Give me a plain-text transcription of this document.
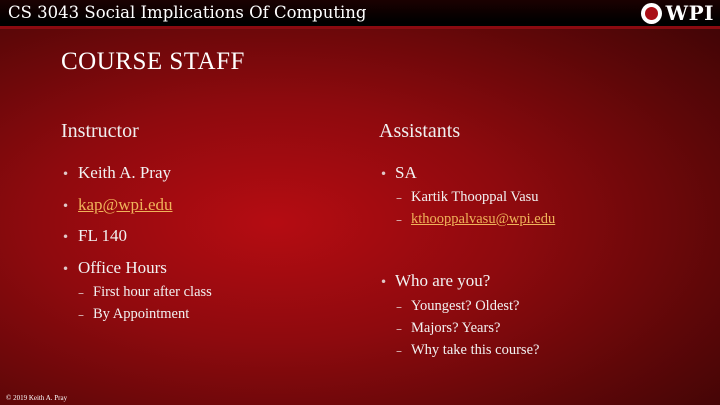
CS 3043 Social Implications Of Computing	WPI
COURSE STAFF
Instructor
• Keith A. Pray
• kap@wpi.edu
• FL 140
• Office Hours
– First hour after class
– By Appointment
Assistants
• SA
– Kartik Thooppal Vasu
– kthooppalvasu@wpi.edu
• Who are you?
– Youngest? Oldest?
– Majors? Years?
– Why take this course?
© 2019 Keith A. Pray
